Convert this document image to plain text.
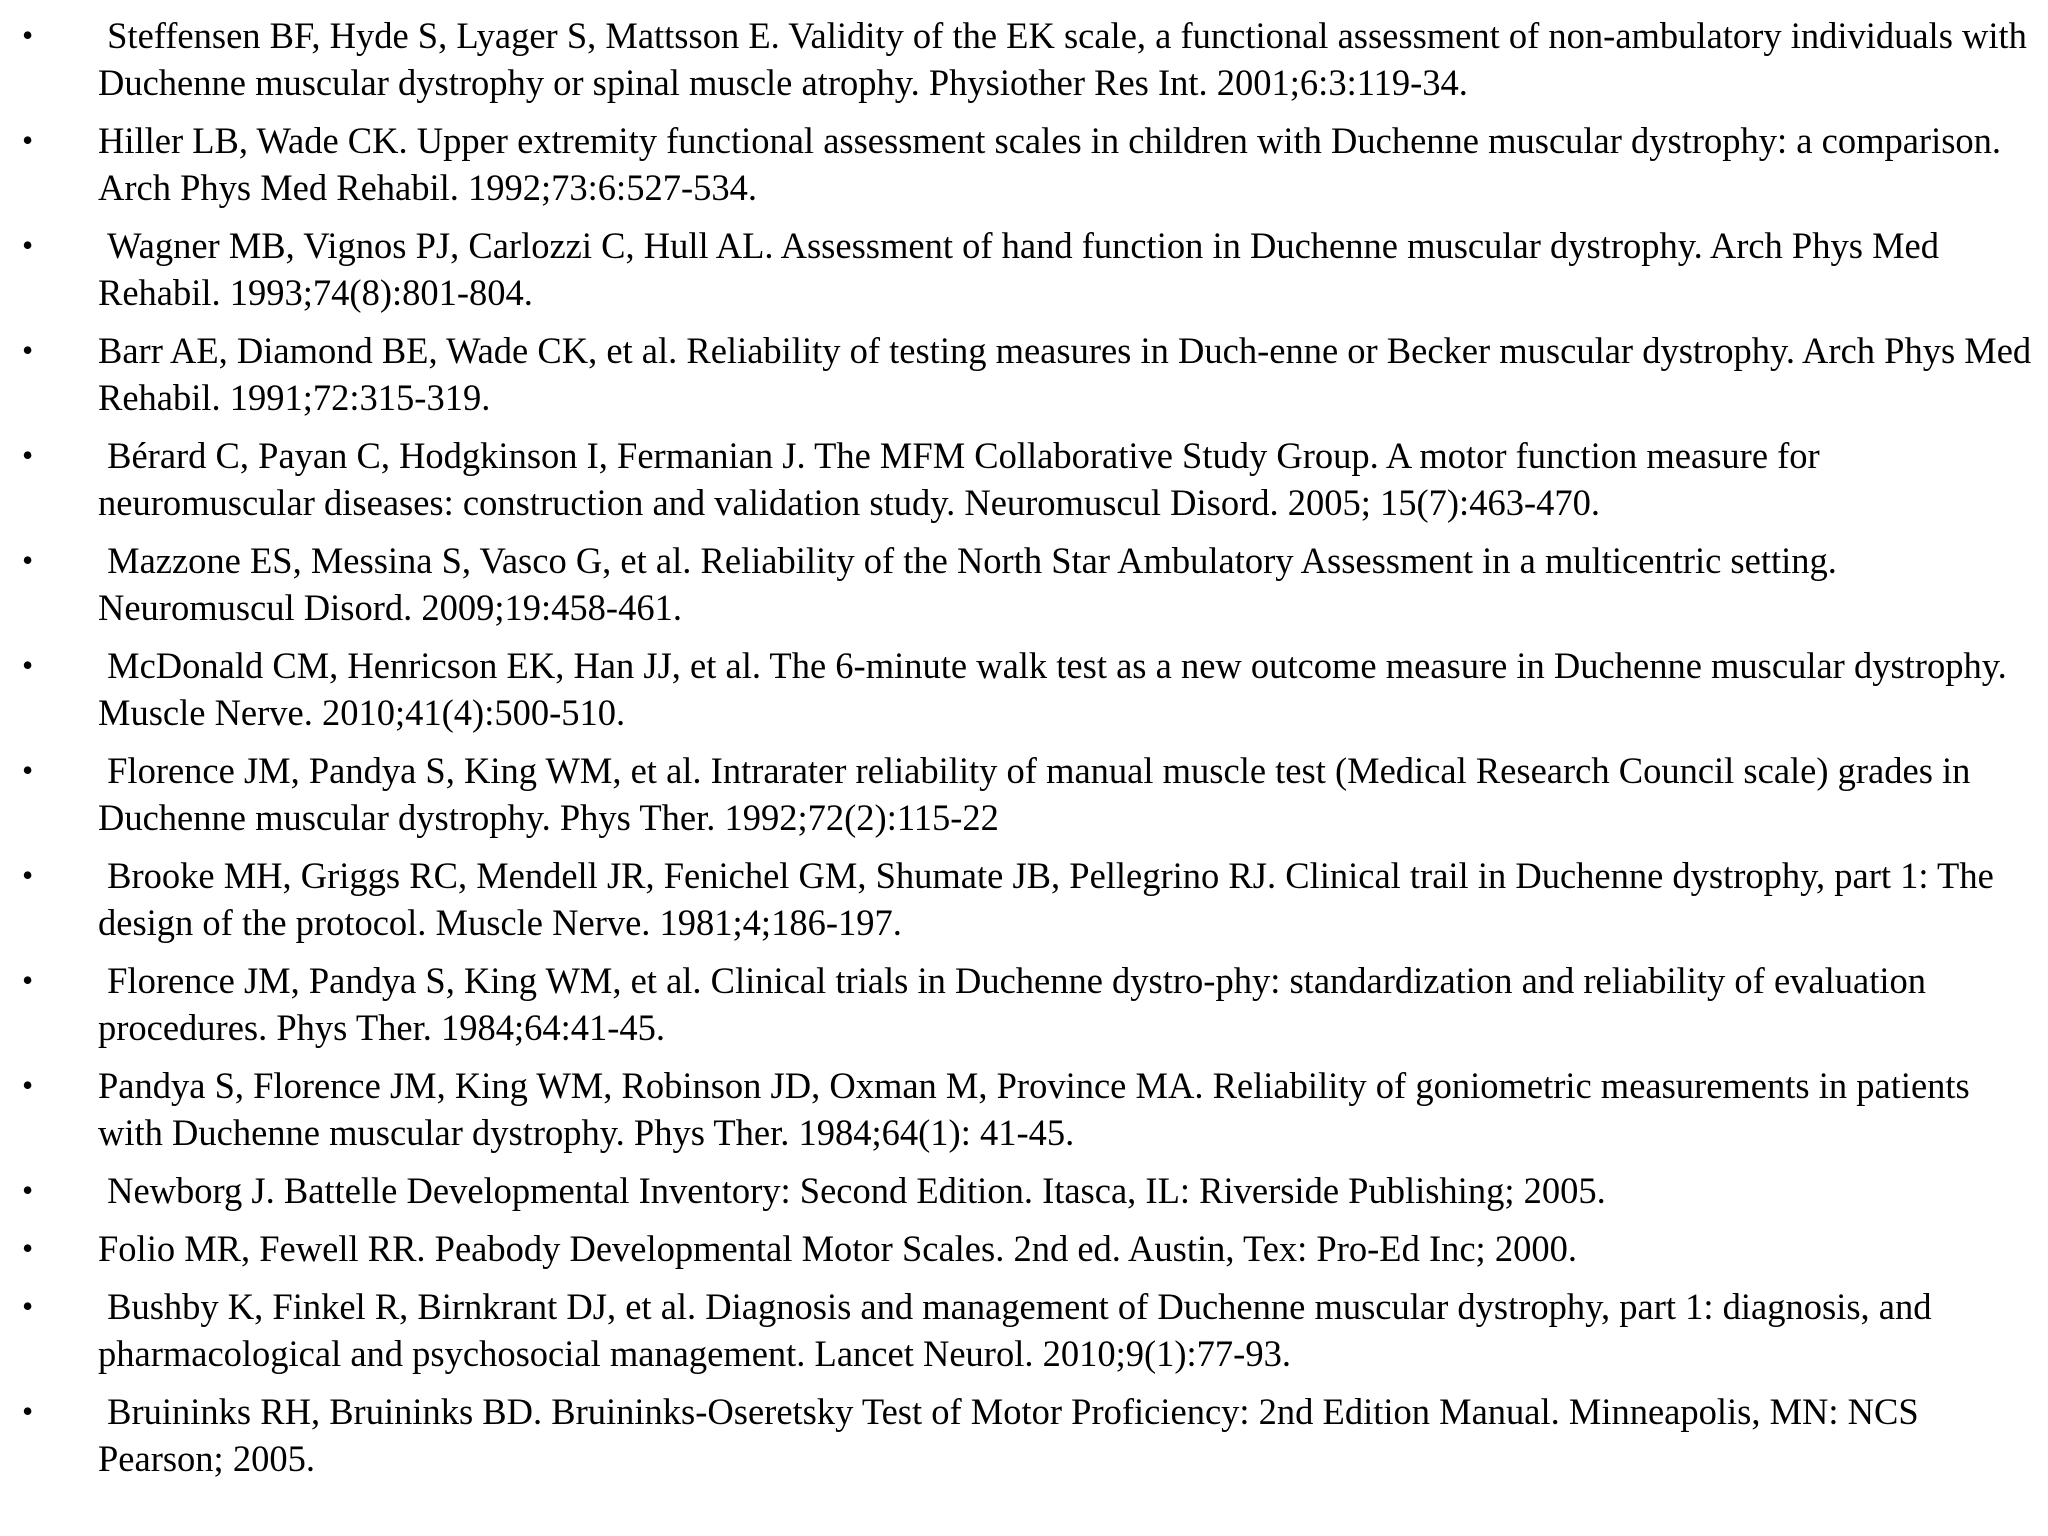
• Steffensen BF, Hyde S, Lyager S, Mattsson E. Validity of the EK scale, a functional assessment of non-ambulatory individuals with Duchenne muscular dystrophy or spinal muscle atrophy. Physiother Res Int. 2001;6:3:119-34.
• Hiller LB, Wade CK. Upper extremity functional assessment scales in children with Duchenne muscular dystrophy: a comparison. Arch Phys Med Rehabil. 1992;73:6:527-534.
• Wagner MB, Vignos PJ, Carlozzi C, Hull AL. Assessment of hand function in Duchenne muscular dystrophy. Arch Phys Med Rehabil. 1993;74(8):801-804.
• Barr AE, Diamond BE, Wade CK, et al. Reliability of testing measures in Duch-enne or Becker muscular dystrophy. Arch Phys Med Rehabil. 1991;72:315-319.
• Bérard C, Payan C, Hodgkinson I, Fermanian J. The MFM Collaborative Study Group. A motor function measure for neuromuscular diseases: construction and validation study. Neuromuscul Disord. 2005; 15(7):463-470.
• Mazzone ES, Messina S, Vasco G, et al. Reliability of the North Star Ambulatory Assessment in a multicentric setting. Neuromuscul Disord. 2009;19:458-461.
• McDonald CM, Henricson EK, Han JJ, et al. The 6-minute walk test as a new outcome measure in Duchenne muscular dystrophy. Muscle Nerve. 2010;41(4):500-510.
• Florence JM, Pandya S, King WM, et al. Intrarater reliability of manual muscle test (Medical Research Council scale) grades in Duchenne muscular dystrophy. Phys Ther. 1992;72(2):115-22
• Brooke MH, Griggs RC, Mendell JR, Fenichel GM, Shumate JB, Pellegrino RJ. Clinical trail in Duchenne dystrophy, part 1: The design of the protocol. Muscle Nerve. 1981;4;186-197.
• Florence JM, Pandya S, King WM, et al. Clinical trials in Duchenne dystro-phy: standardization and reliability of evaluation procedures. Phys Ther. 1984;64:41-45.
• Pandya S, Florence JM, King WM, Robinson JD, Oxman M, Province MA. Reliability of goniometric measurements in patients with Duchenne muscular dystrophy. Phys Ther. 1984;64(1): 41-45.
• Newborg J. Battelle Developmental Inventory: Second Edition. Itasca, IL: Riverside Publishing; 2005.
• Folio MR, Fewell RR. Peabody Developmental Motor Scales. 2nd ed. Austin, Tex: Pro-Ed Inc; 2000.
• Bushby K, Finkel R, Birnkrant DJ, et al. Diagnosis and management of Duchenne muscular dystrophy, part 1: diagnosis, and pharmacological and psychosocial management. Lancet Neurol. 2010;9(1):77-93.
• Bruininks RH, Bruininks BD. Bruininks-Oseretsky Test of Motor Proficiency: 2nd Edition Manual. Minneapolis, MN: NCS Pearson; 2005.
